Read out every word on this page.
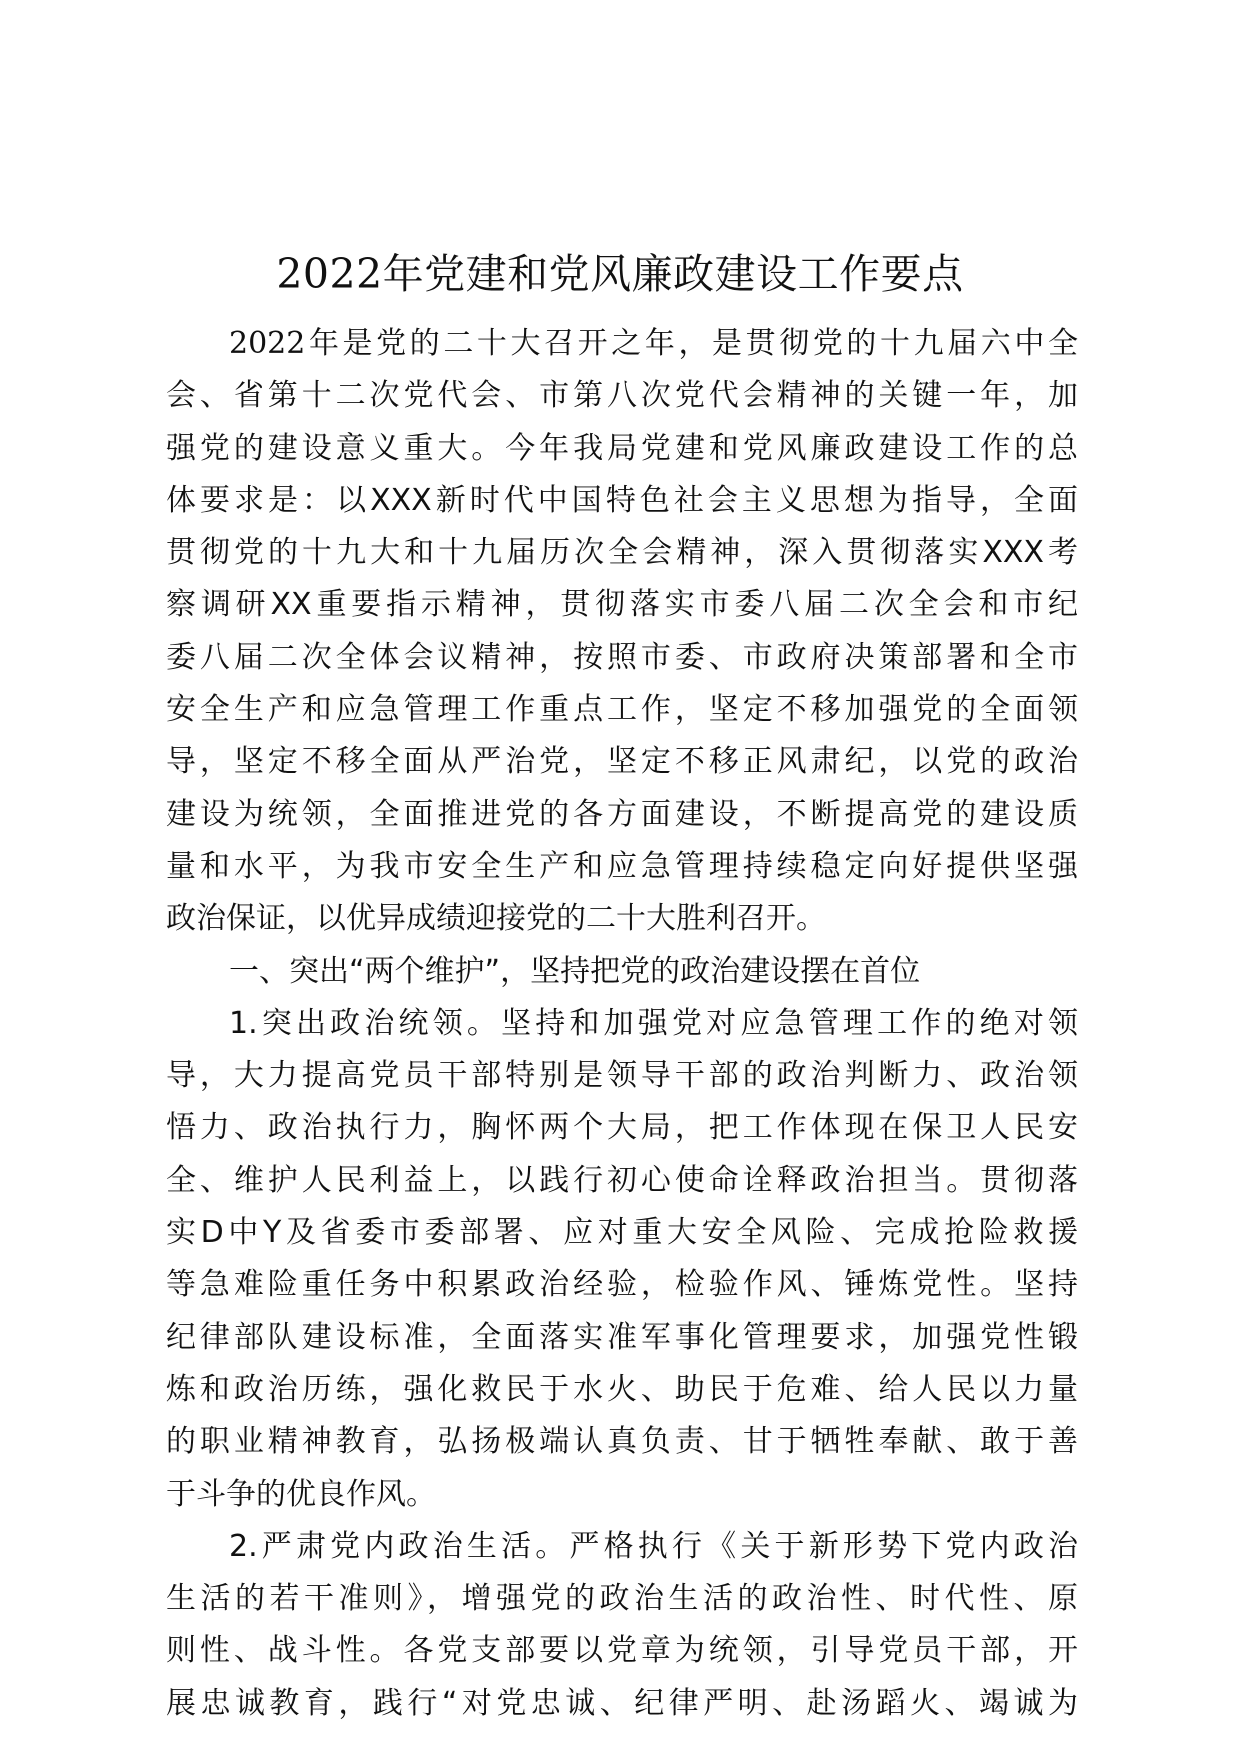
2022年党建和党风廉政建设工作要点
2022年是党的二十大召开之年，是贯彻党的十九届六中全
会、省第十二次党代会、市第八次党代会精神的关键一年，加
强党的建设意义重大。今年我局党建和党风廉政建设工作的总
体要求是：以XXX新时代中国特色社会主义思想为指导，全面
贯彻党的十九大和十九届历次全会精神，深入贯彻落实XXX考
察调研XX重要指示精神，贯彻落实市委八届二次全会和市纪
委八届二次全体会议精神，按照市委、市政府决策部署和全市
安全生产和应急管理工作重点工作，坚定不移加强党的全面领
导，坚定不移全面从严治党，坚定不移正风肃纪，以党的政治
建设为统领，全面推进党的各方面建设，不断提高党的建设质
量和水平，为我市安全生产和应急管理持续稳定向好提供坚强
政治保证，以优异成绩迎接党的二十大胜利召开。
一、突出“两个维护”，坚持把党的政治建设摆在首位
1.突出政治统领。坚持和加强党对应急管理工作的绝对领
导，大力提高党员干部特别是领导干部的政治判断力、政治领
悟力、政治执行力，胸怀两个大局，把工作体现在保卫人民安
全、维护人民利益上，以践行初心使命诠释政治担当。贯彻落
实D中Y及省委市委部署、应对重大安全风险、完成抢险救援
等急难险重任务中积累政治经验，检验作风、锤炼党性。坚持
纪律部队建设标准，全面落实准军事化管理要求，加强党性锻
炼和政治历练，强化救民于水火、助民于危难、给人民以力量
的职业精神教育，弘扬极端认真负责、甘于牺牲奉献、敢于善
于斗争的优良作风。
2.严肃党内政治生活。严格执行《关于新形势下党内政治
生活的若干准则》，增强党的政治生活的政治性、时代性、原
则性、战斗性。各党支部要以党章为统领，引导党员干部，开
展忠诚教育，践行“对党忠诚、纪律严明、赴汤蹈火、竭诚为
